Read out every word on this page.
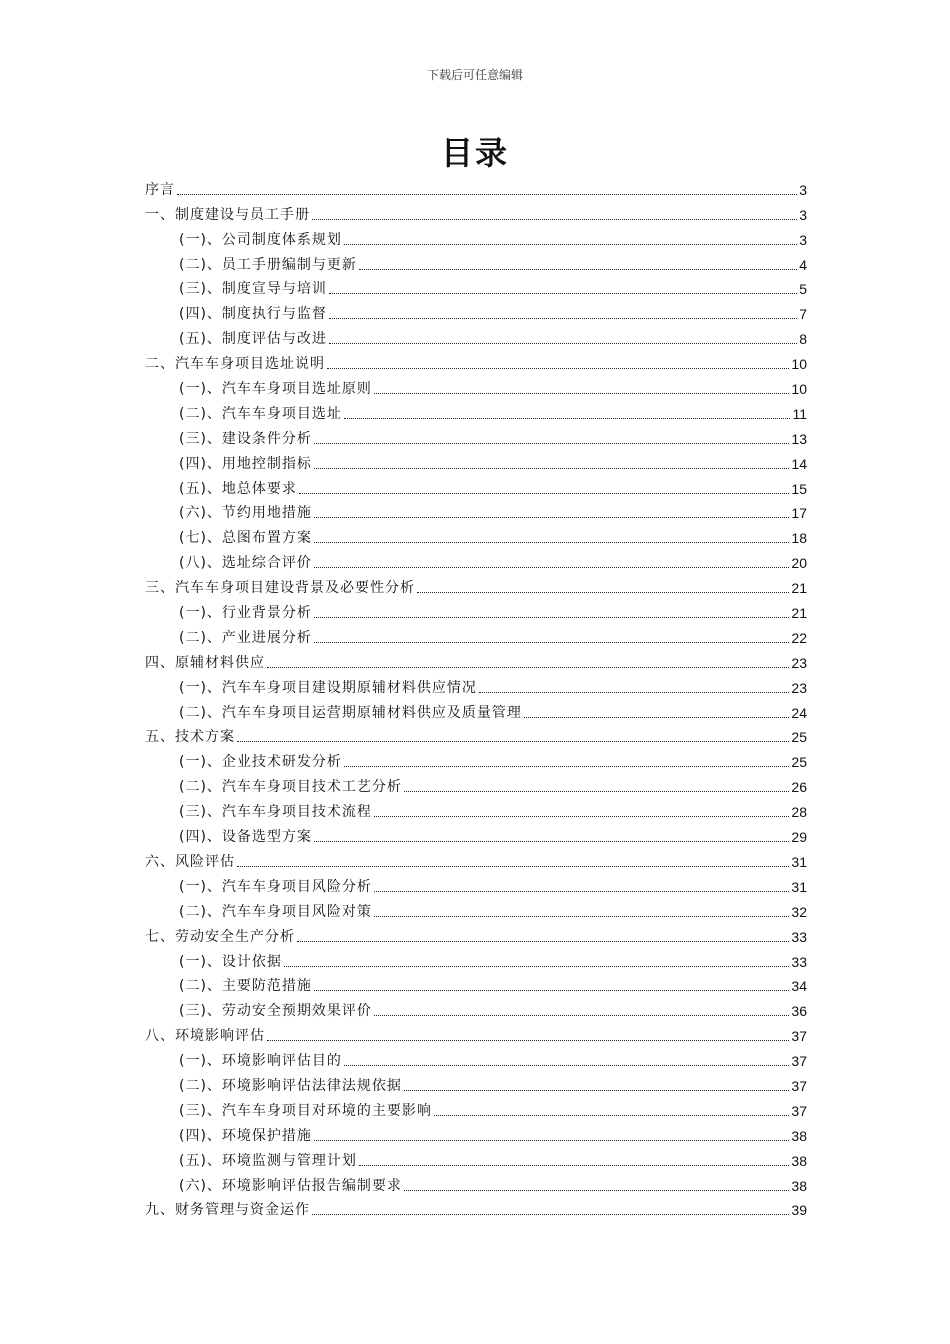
下载后可任意编辑
目录
序言	3
一、制度建设与员工手册	3
(一)、公司制度体系规划	3
(二)、员工手册编制与更新	4
(三)、制度宣导与培训	5
(四)、制度执行与监督	7
(五)、制度评估与改进	8
二、汽车车身项目选址说明	10
(一)、汽车车身项目选址原则	10
(二)、汽车车身项目选址	11
(三)、建设条件分析	13
(四)、用地控制指标	14
(五)、地总体要求	15
(六)、节约用地措施	17
(七)、总图布置方案	18
(八)、选址综合评价	20
三、汽车车身项目建设背景及必要性分析	21
(一)、行业背景分析	21
(二)、产业进展分析	22
四、原辅材料供应	23
(一)、汽车车身项目建设期原辅材料供应情况	23
(二)、汽车车身项目运营期原辅材料供应及质量管理	24
五、技术方案	25
(一)、企业技术研发分析	25
(二)、汽车车身项目技术工艺分析	26
(三)、汽车车身项目技术流程	28
(四)、设备选型方案	29
六、风险评估	31
(一)、汽车车身项目风险分析	31
(二)、汽车车身项目风险对策	32
七、劳动安全生产分析	33
(一)、设计依据	33
(二)、主要防范措施	34
(三)、劳动安全预期效果评价	36
八、环境影响评估	37
(一)、环境影响评估目的	37
(二)、环境影响评估法律法规依据	37
(三)、汽车车身项目对环境的主要影响	37
(四)、环境保护措施	38
(五)、环境监测与管理计划	38
(六)、环境影响评估报告编制要求	38
九、财务管理与资金运作	39
